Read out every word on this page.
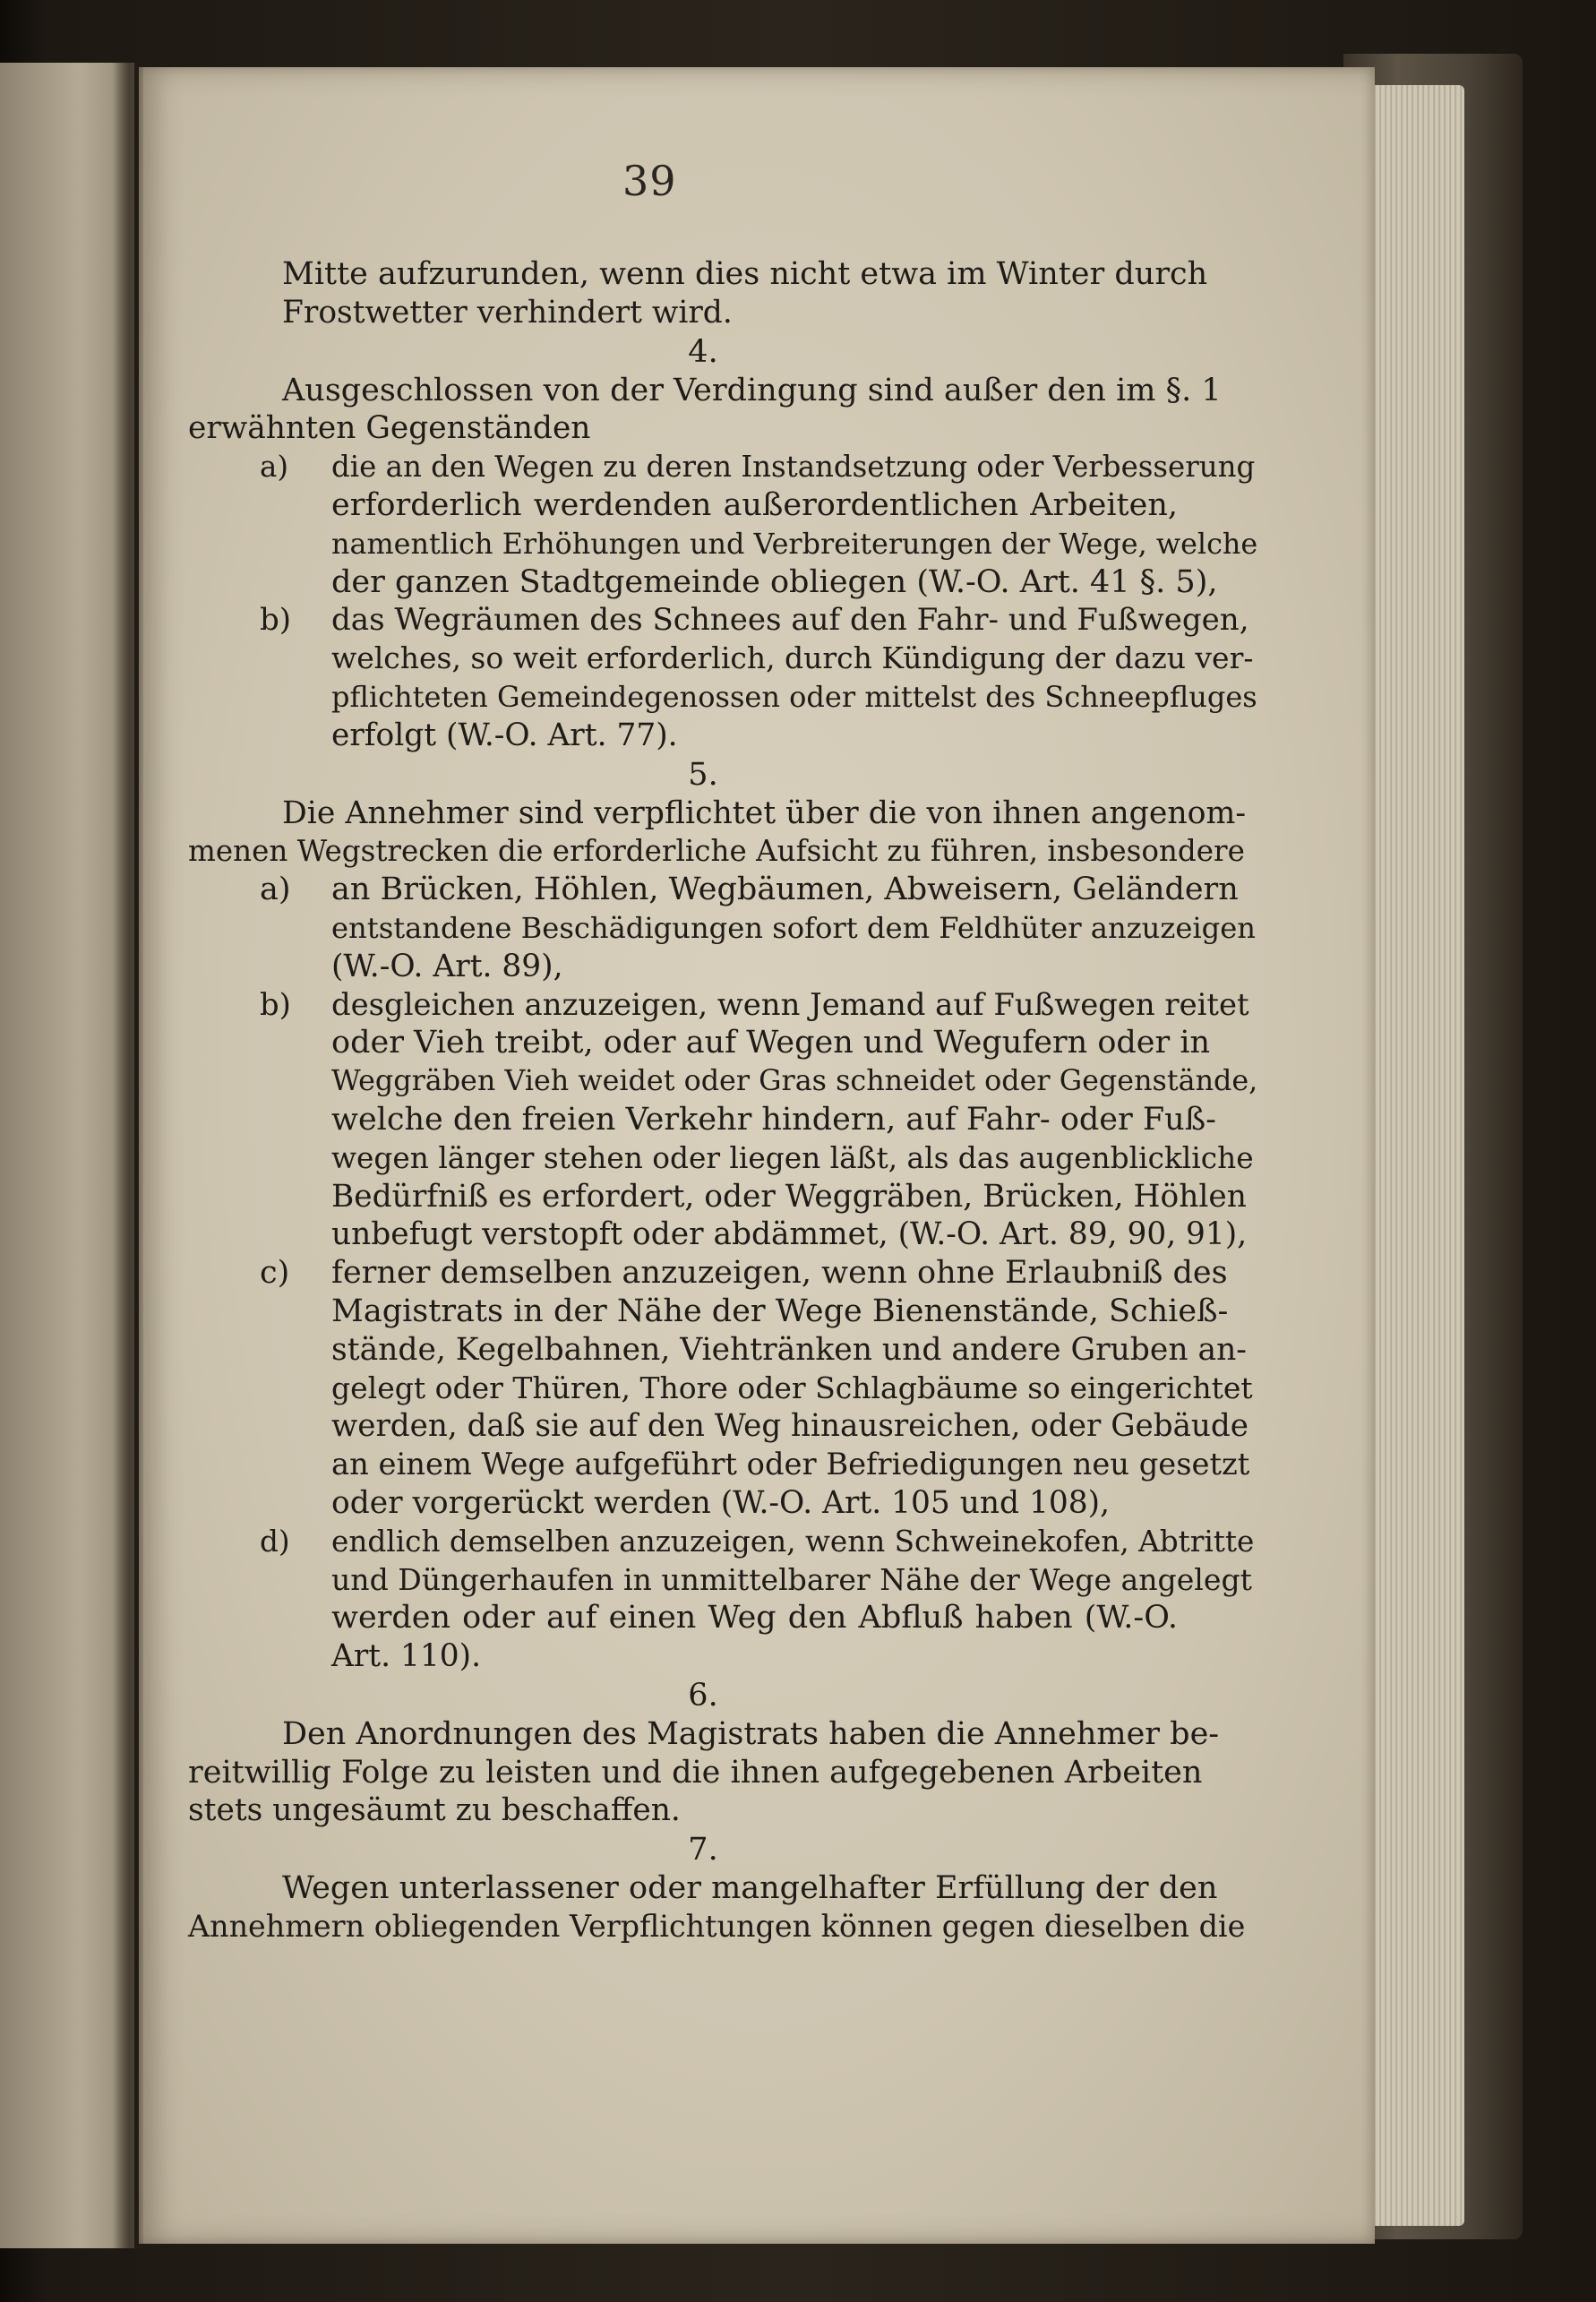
39
Mitte aufzurunden, wenn dies nicht etwa im Winter durch
Frostwetter verhindert wird.
4.
Ausgeschlossen von der Verdingung sind außer den im §. 1
erwähnten Gegenständen
a) die an den Wegen zu deren Instandsetzung oder Verbesserung
erforderlich werdenden außerordentlichen Arbeiten,
namentlich Erhöhungen und Verbreiterungen der Wege, welche
der ganzen Stadtgemeinde obliegen (W.-O. Art. 41 §. 5),
b) das Wegräumen des Schnees auf den Fahr- und Fußwegen,
welches, so weit erforderlich, durch Kündigung der dazu ver-
pflichteten Gemeindegenossen oder mittelst des Schneepfluges
erfolgt (W.-O. Art. 77).
5.
Die Annehmer sind verpflichtet über die von ihnen angenom-
menen Wegstrecken die erforderliche Aufsicht zu führen, insbesondere
a) an Brücken, Höhlen, Wegbäumen, Abweisern, Geländern
entstandene Beschädigungen sofort dem Feldhüter anzuzeigen
(W.-O. Art. 89),
b) desgleichen anzuzeigen, wenn Jemand auf Fußwegen reitet
oder Vieh treibt, oder auf Wegen und Wegufern oder in
Weggräben Vieh weidet oder Gras schneidet oder Gegenstände,
welche den freien Verkehr hindern, auf Fahr- oder Fuß-
wegen länger stehen oder liegen läßt, als das augenblickliche
Bedürfniß es erfordert, oder Weggräben, Brücken, Höhlen
unbefugt verstopft oder abdämmet, (W.-O. Art. 89, 90, 91),
c) ferner demselben anzuzeigen, wenn ohne Erlaubniß des
Magistrats in der Nähe der Wege Bienenstände, Schieß-
stände, Kegelbahnen, Viehtränken und andere Gruben an-
gelegt oder Thüren, Thore oder Schlagbäume so eingerichtet
werden, daß sie auf den Weg hinausreichen, oder Gebäude
an einem Wege aufgeführt oder Befriedigungen neu gesetzt
oder vorgerückt werden (W.-O. Art. 105 und 108),
d) endlich demselben anzuzeigen, wenn Schweinekofen, Abtritte
und Düngerhaufen in unmittelbarer Nähe der Wege angelegt
werden oder auf einen Weg den Abfluß haben (W.-O.
Art. 110).
6.
Den Anordnungen des Magistrats haben die Annehmer be-
reitwillig Folge zu leisten und die ihnen aufgegebenen Arbeiten
stets ungesäumt zu beschaffen.
7.
Wegen unterlassener oder mangelhafter Erfüllung der den
Annehmern obliegenden Verpflichtungen können gegen dieselben die
